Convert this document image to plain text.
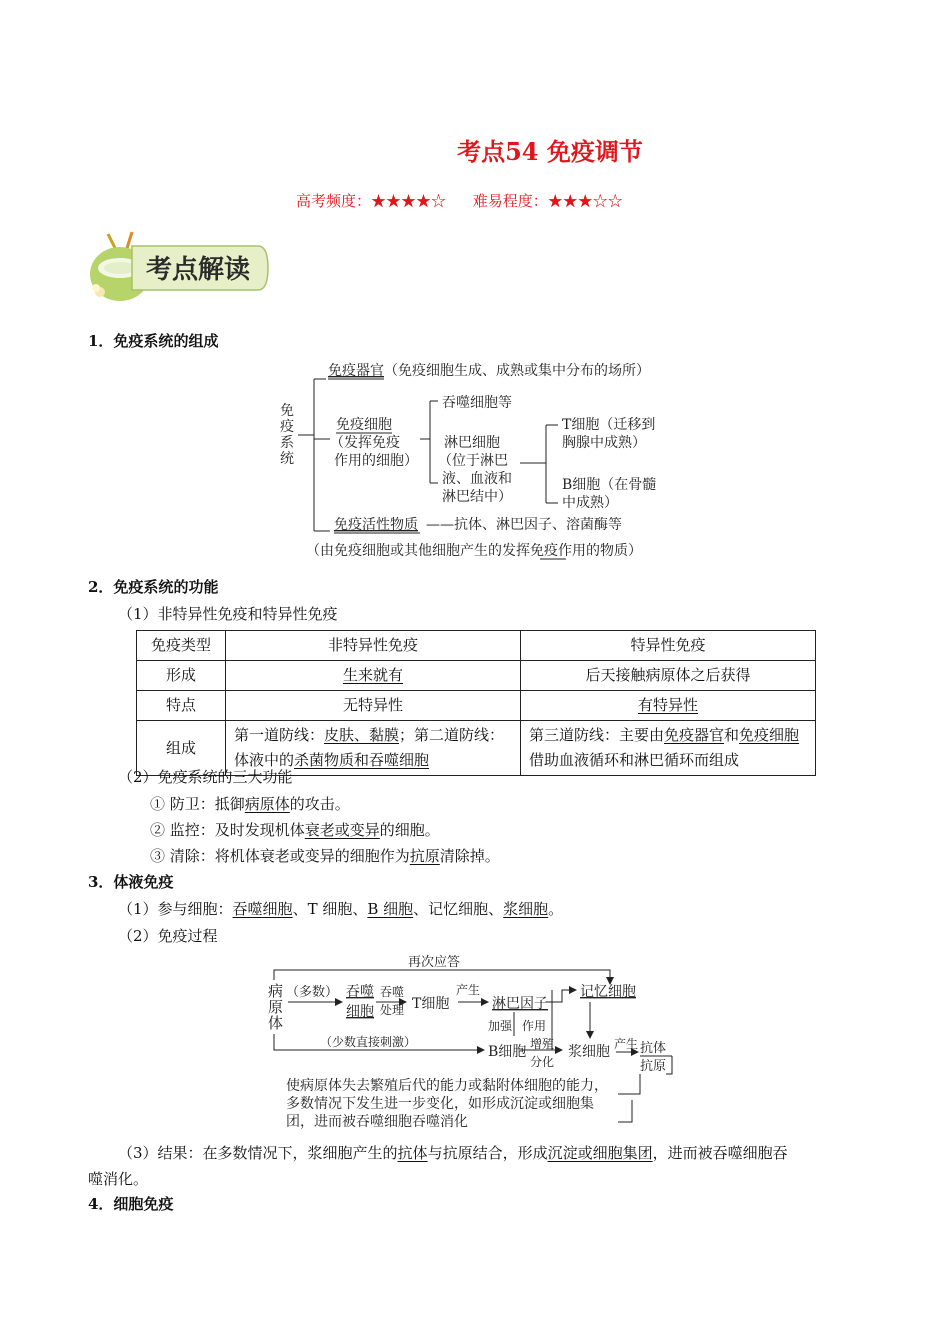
考点54 免疫调节
高考频度：★★★★☆ 难易程度：★★★☆☆
考点解读
1．免疫系统的组成
免
疫
系
统
免疫器官（免疫细胞生成、成熟或集中分布的场所）
免疫细胞
（发挥免疫
作用的细胞）
吞噬细胞等
淋巴细胞
（位于淋巴
液、血液和
淋巴结中）
T细胞（迁移到
胸腺中成熟）
B细胞（在骨髓
中成熟）
免疫活性物质 ——抗体、淋巴因子、溶菌酶等
（由免疫细胞或其他细胞产生的发挥免疫作用的物质）
2．免疫系统的功能
（1）非特异性免疫和特异性免疫
免疫类型	非特异性免疫	特异性免疫
形成	生来就有	后天接触病原体之后获得
特点	无特异性	有特异性
组成	第一道防线：皮肤、黏膜；第二道防线：体液中的杀菌物质和吞噬细胞	第三道防线：主要由免疫器官和免疫细胞借助血液循环和淋巴循环而组成
（2）免疫系统的三大功能
① 防卫：抵御病原体的攻击。
② 监控：及时发现机体衰老或变异的细胞。
③ 清除：将机体衰老或变异的细胞作为抗原清除掉。
3．体液免疫
（1）参与细胞：吞噬细胞、T 细胞、B 细胞、记忆细胞、浆细胞。
（2）免疫过程
再次应答
病
原
体
（多数） 吞噬
细胞
吞噬
处理 T细胞
产生
淋巴因子
记忆细胞
加强 作用
（少数直接刺激）
B细胞 增殖
分化
浆细胞 产生 抗体
抗原
使病原体失去繁殖后代的能力或黏附体细胞的能力，
多数情况下发生进一步变化，如形成沉淀或细胞集
团，进而被吞噬细胞吞噬消化
（3）结果：在多数情况下，浆细胞产生的抗体与抗原结合，形成沉淀或细胞集团，进而被吞噬细胞吞
噬消化。
4．细胞免疫
